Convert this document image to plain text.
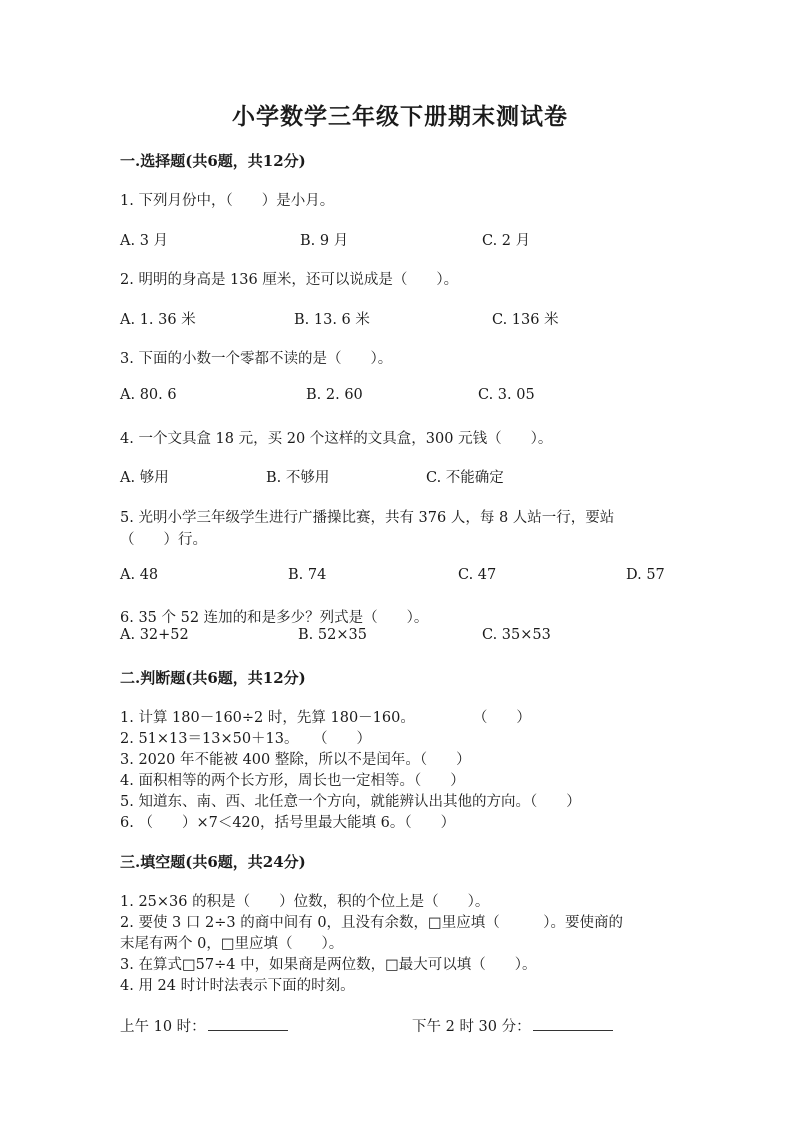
小学数学三年级下册期末测试卷
一.选择题(共6题，共12分)
1. 下列月份中，（　　）是小月。
A. 3 月	B. 9 月	C. 2 月
2. 明明的身高是 136 厘米，还可以说成是（　　）。
A. 1. 36 米	B. 13. 6 米	C. 136 米
3. 下面的小数一个零都不读的是（　　）。
A. 80. 6	B. 2. 60	C. 3. 05
4. 一个文具盒 18 元，买 20 个这样的文具盒，300 元钱（　　）。
A. 够用	B. 不够用	C. 不能确定
5. 光明小学三年级学生进行广播操比赛，共有 376 人，每 8 人站一行，要站
（　　）行。
A. 48	B. 74	C. 47	D. 57
6. 35 个 52 连加的和是多少？列式是（　　）。
A. 32+52	B. 52×35	C. 35×53
二.判断题(共6题，共12分)
1. 计算 180－160÷2 时，先算 180－160。　　　　　（　　）
2. 51×13＝13×50＋13。　　（　　）
3. 2020 年不能被 400 整除，所以不是闰年。（　　）
4. 面积相等的两个长方形，周长也一定相等。（　　）
5. 知道东、南、西、北任意一个方向，就能辨认出其他的方向。（　　）
6. （　　）×7＜420，括号里最大能填 6。（　　）
三.填空题(共6题，共24分)
1. 25×36 的积是（　　）位数，积的个位上是（　　）。
2. 要使 3 口 2÷3 的商中间有 0，且没有余数，□里应填（　　　）。要使商的
末尾有两个 0，□里应填（　　）。
3. 在算式□57÷4 中，如果商是两位数，□最大可以填（　　）。
4. 用 24 时计时法表示下面的时刻。
上午 10 时：	下午 2 时 30 分：
